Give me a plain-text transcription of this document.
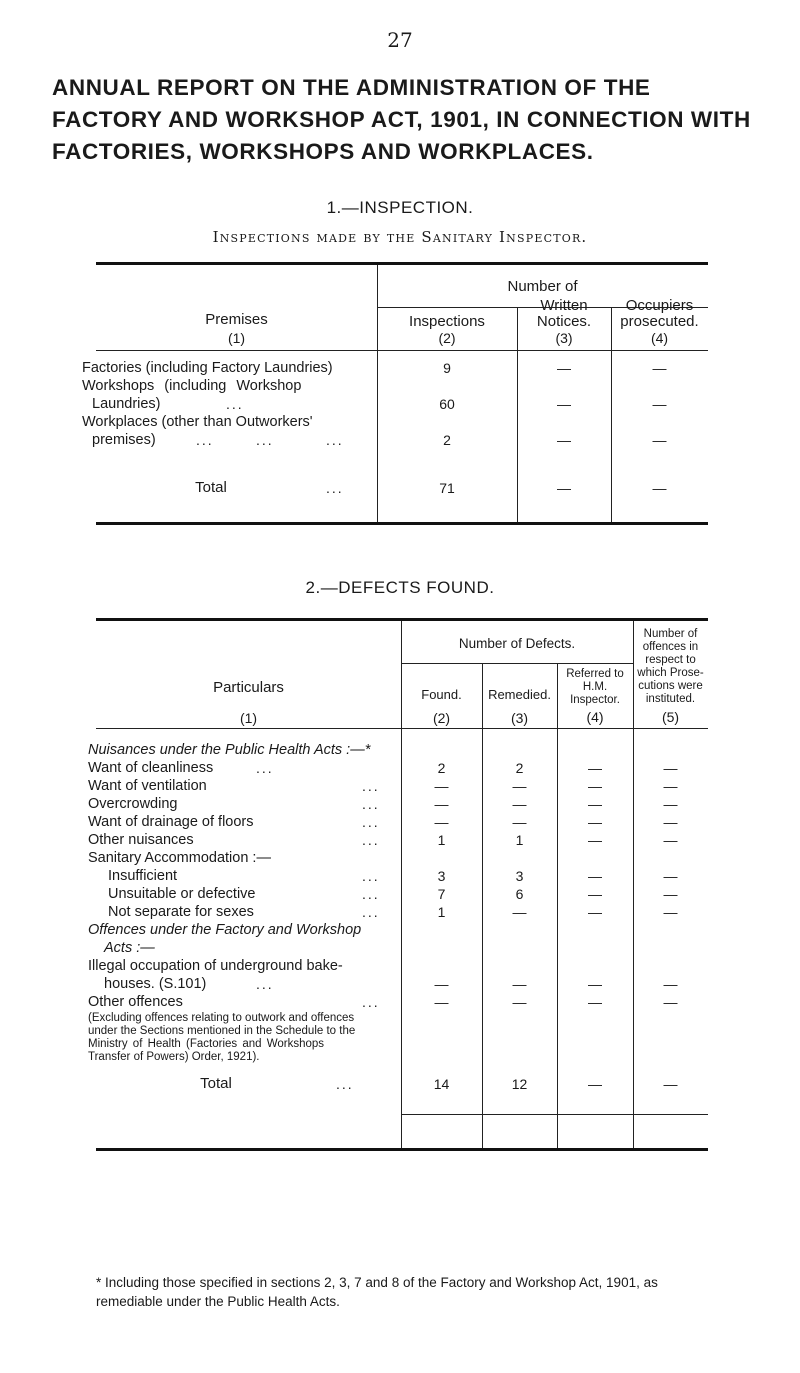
27
ANNUAL REPORT ON THE ADMINISTRATION OF THE FACTORY AND WORKSHOP ACT, 1901, IN CONNECTION WITH FACTORIES, WORKSHOPS AND WORKPLACES.
1.—INSPECTION.
Inspections made by the Sanitary Inspector.
Number of
Premises
(1)
Inspections
(2)
Written
Notices.
(3)
Occupiers
prosecuted.
(4)
Factories (including Factory Laundries)	9	—	—
Workshops (including Workshop
Laundries)	...	60	—	—
Workplaces (other than Outworkers'
premises)	...	...	...	2	—	—
Total	...	71	—	—
2.—DEFECTS FOUND.
Number of Defects.
Particulars
(1)
Found.
(2)
Remedied.
(3)
Referred to
H.M.
Inspector.
(4)
Number of
offences in
respect to
which Prose-
cutions were
instituted.
(5)
Nuisances under the Public Health Acts :—*
Want of cleanliness	...	2	2	—	—
Want of ventilation	...	—	—	—	—
Overcrowding	...	—	—	—	—
Want of drainage of floors	...	—	—	—	—
Other nuisances	...	1	1	—	—
Sanitary Accommodation :—
Insufficient	...	3	3	—	—
Unsuitable or defective	...	7	6	—	—
Not separate for sexes	...	1	—	—	—
Offences under the Factory and Workshop
Acts :—
Illegal occupation of underground bake-
houses. (S.101)	...	—	—	—	—
Other offences	...	—	—	—	—
(Excluding offences relating to outwork and offences
under the Sections mentioned in the Schedule to the
Ministry of Health (Factories and Workshops
Transfer of Powers) Order, 1921).
Total	...	14	12	—	—
* Including those specified in sections 2, 3, 7 and 8 of the Factory and Workshop Act, 1901, as remediable under the Public Health Acts.
